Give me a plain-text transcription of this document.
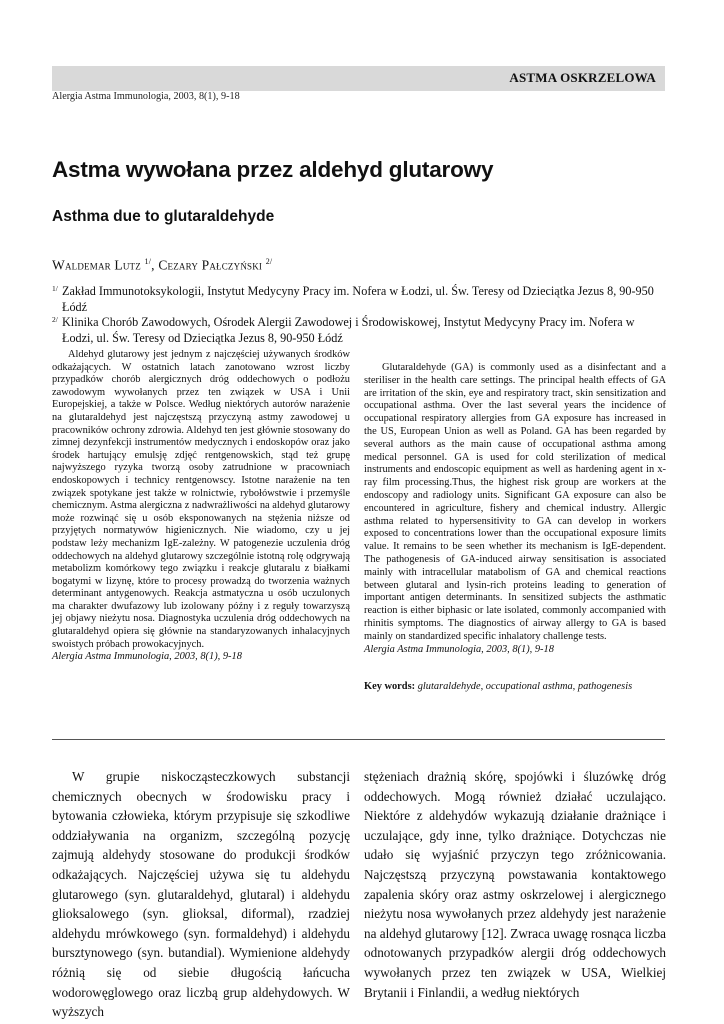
ASTMA OSKRZELOWA
Alergia Astma Immunologia, 2003, 8(1), 9-18
Astma wywołana przez aldehyd glutarowy
Asthma due to glutaraldehyde
Waldemar Lutz $^{1/}$, Cezary Pałczyński $^{2/}$
1/ Zakład Immunotoksykologii, Instytut Medycyny Pracy im. Nofera w Łodzi, ul. Św. Teresy od Dzieciątka Jezus 8, 90-950 Łódź
2/ Klinika Chorób Zawodowych, Ośrodek Alergii Zawodowej i Środowiskowej, Instytut Medycyny Pracy im. Nofera w Łodzi, ul. Św. Teresy od Dzieciątka Jezus 8, 90-950 Łódź

Aldehyd glutarowy jest jednym z najczęściej używanych środków odkażających. W ostatnich latach zanotowano wzrost liczby przypadków chorób alergicznych dróg oddechowych o podłożu zawodowym wywołanych przez ten związek w USA i Unii Europejskiej, a także w Polsce. Według niektórych autorów narażenie na glutaraldehyd jest najczęstszą przyczyną astmy zawodowej u pracowników ochrony zdrowia. Aldehyd ten jest głównie stosowany do zimnej dezynfekcji instrumentów medycznych i endoskopów oraz jako środek hartujący emulsję zdjęć rentgenowskich, stąd też grupę najwyższego ryzyka tworzą osoby zatrudnione w pracowniach endoskopowych i technicy rentgenowscy. Istotne narażenie na ten związek spotykane jest także w rolnictwie, rybołówstwie i przemyśle chemicznym. Astma alergiczna z nadwrażliwości na aldehyd glutarowy może rozwinąć się u osób eksponowanych na stężenia niższe od przyjętych normatywów higienicznych. Nie wiadomo, czy u jej podstaw leży mechanizm IgE-zależny. W patogenezie uczulenia dróg oddechowych na aldehyd glutarowy szczególnie istotną rolę odgrywają metabolizm komórkowy tego związku i reakcje glutaralu z białkami bogatymi w lizynę, które to procesy prowadzą do tworzenia ważnych determinant antygenowych. Reakcja astmatyczna u osób uczulonych ma charakter dwufazowy lub izolowany późny i z reguły towarzyszą jej objawy nieżytu nosa. Diagnostyka uczulenia dróg oddechowych na glutaraldehyd opiera się głównie na standaryzowanych inhalacyjnych swoistych próbach prowokacyjnych.
Alergia Astma Immunologia, 2003, 8(1), 9-18

Glutaraldehyde (GA) is commonly used as a disinfectant and a steriliser in the health care settings. The principal health effects of GA are irritation of the skin, eye and respiratory tract, skin sensitization and occupational asthma. Over the last several years the incidence of occupational respiratory allergies from GA exposure has increased in the US, European Union as well as Poland. GA has been regarded by several authors as the main cause of occupational asthma among medical personnel. GA is used for cold sterilization of medical instruments and endoscopic equipment as well as hardening agent in x-ray film processing.Thus, the highest risk group are workers at the endoscopy and radiology units. Significant GA exposure can also be encountered in agriculture, fishery and chemical industry. Allergic asthma related to hypersensitivity to GA can develop in workers exposed to concentrations lower than the occupational exposure limits value. It remains to be seen whether its mechanism is IgE-dependent. The pathogenesis of GA-induced airway sensitisation is associated mainly with intracellular matabolism of GA and chemical reactions between glutaral and lysin-rich proteins leading to generation of important antigen determinants. In sensitized subjects the asthmatic reaction is either biphasic or late isolated, commonly accompanied with rhinitis symptoms. The diagnostics of airway allergy to GA is based mainly on standardized specific inhalatory challenge tests.
Alergia Astma Immunologia, 2003, 8(1), 9-18

Key words: glutaraldehyde, occupational asthma, pathogenesis

W grupie niskocząsteczkowych substancji chemicznych obecnych w środowisku pracy i bytowania człowieka, którym przypisuje się szkodliwe oddziaływania na organizm, szczególną pozycję zajmują aldehydy stosowane do produkcji środków odkażających. Najczęściej używa się tu aldehydu glutarowego (syn. glutaraldehyd, glutaral) i aldehydu glioksalowego (syn. glioksal, diformal), rzadziej aldehydu mrówkowego (syn. formaldehyd) i aldehydu bursztynowego (syn. butandial). Wymienione aldehydy różnią się od siebie długością łańcucha wodorowęglowego oraz liczbą grup aldehydowych. W wyższych

stężeniach drażnią skórę, spojówki i śluzówkę dróg oddechowych. Mogą również działać uczulająco. Niektóre z aldehydów wykazują działanie drażniące i uczulające, gdy inne, tylko drażniące. Dotychczas nie udało się wyjaśnić przyczyn tego zróżnicowania. Najczęstszą przyczyną powstawania kontaktowego zapalenia skóry oraz astmy oskrzelowej i alergicznego nieżytu nosa wywołanych przez aldehydy jest narażenie na aldehyd glutarowy [12]. Zwraca uwagę rosnąca liczba odnotowanych przypadków alergii dróg oddechowych wywołanych przez ten związek w USA, Wielkiej Brytanii i Finlandii, a według niektórych
